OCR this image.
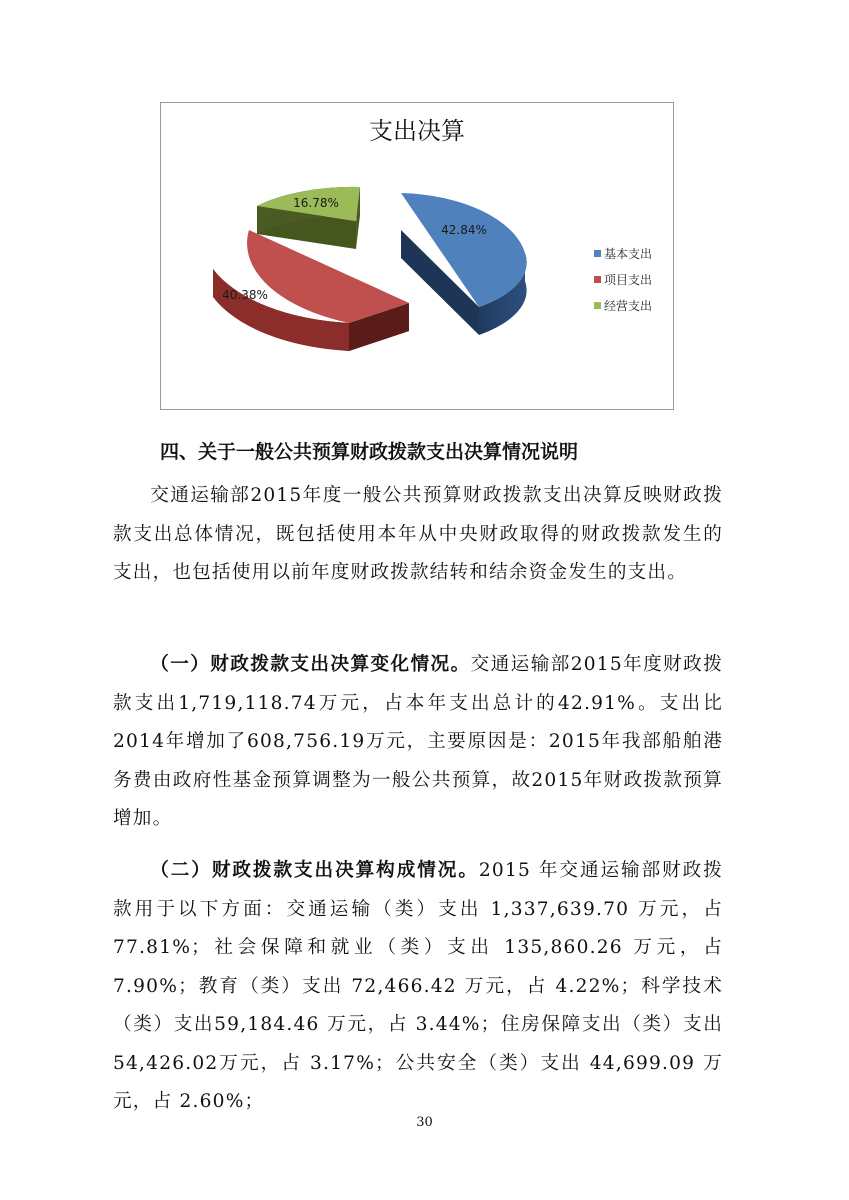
支出决算
16.78%
40.38%
42.84%
基本支出
项目支出
经营支出
四、关于一般公共预算财政拨款支出决算情况说明

交通运输部2015年度一般公共预算财政拨款支出决算反映财政拨款支出总体情况，既包括使用本年从中央财政取得的财政拨款发生的支出，也包括使用以前年度财政拨款结转和结余资金发生的支出。

（一）财政拨款支出决算变化情况。交通运输部2015年度财政拨款支出1,719,118.74万元，占本年支出总计的42.91%。支出比2014年增加了608,756.19万元，主要原因是：2015年我部船舶港务费由政府性基金预算调整为一般公共预算，故2015年财政拨款预算增加。

（二）财政拨款支出决算构成情况。2015 年交通运输部财政拨款用于以下方面：交通运输（类）支出 1,337,639.70 万元，占77.81%；社会保障和就业（类）支出 135,860.26 万元，占 7.90%；教育（类）支出 72,466.42 万元，占 4.22%；科学技术（类）支出59,184.46 万元，占 3.44%；住房保障支出（类）支出 54,426.02万元，占 3.17%；公共安全（类）支出 44,699.09 万元，占 2.60%；

30
